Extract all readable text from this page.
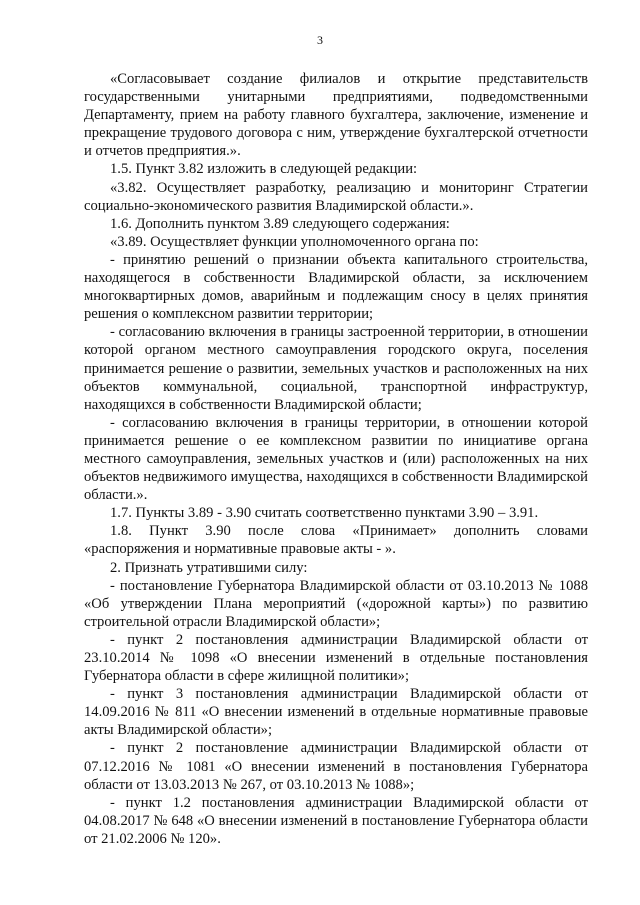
3

«Согласовывает создание филиалов и открытие представительств государственными унитарными предприятиями, подведомственными Департаменту, прием на работу главного бухгалтера, заключение, изменение и прекращение трудового договора с ним, утверждение бухгалтерской отчетности и отчетов предприятия.».

1.5. Пункт 3.82 изложить в следующей редакции:

«3.82. Осуществляет разработку, реализацию и мониторинг Стратегии социально-экономического развития Владимирской области.».

1.6. Дополнить пунктом 3.89 следующего содержания:

«3.89. Осуществляет функции уполномоченного органа по:

- принятию решений о признании объекта капитального строительства, находящегося в собственности Владимирской области, за исключением многоквартирных домов, аварийным и подлежащим сносу в целях принятия решения о комплексном развитии территории;

- согласованию включения в границы застроенной территории, в отношении которой органом местного самоуправления городского округа, поселения принимается решение о развитии, земельных участков и расположенных на них объектов коммунальной, социальной, транспортной инфраструктур, находящихся в собственности Владимирской области;

- согласованию включения в границы территории, в отношении которой принимается решение о ее комплексном развитии по инициативе органа местного самоуправления, земельных участков и (или) расположенных на них объектов недвижимого имущества, находящихся в собственности Владимирской области.».

1.7. Пункты 3.89 - 3.90 считать соответственно пунктами 3.90 – 3.91.

1.8. Пункт 3.90 после слова «Принимает» дополнить словами «распоряжения и нормативные правовые акты - ».

2. Признать утратившими силу:

- постановление Губернатора Владимирской области от 03.10.2013 № 1088 «Об утверждении Плана мероприятий («дорожной карты») по развитию строительной отрасли Владимирской области»;

- пункт 2 постановления администрации Владимирской области от 23.10.2014 № 1098 «О внесении изменений в отдельные постановления Губернатора области в сфере жилищной политики»;

- пункт 3 постановления администрации Владимирской области от 14.09.2016 № 811 «О внесении изменений в отдельные нормативные правовые акты Владимирской области»;

- пункт 2 постановление администрации Владимирской области от 07.12.2016 № 1081 «О внесении изменений в постановления Губернатора области от 13.03.2013 № 267, от 03.10.2013 № 1088»;

- пункт 1.2 постановления администрации Владимирской области от 04.08.2017 № 648 «О внесении изменений в постановление Губернатора области от 21.02.2006 № 120».
